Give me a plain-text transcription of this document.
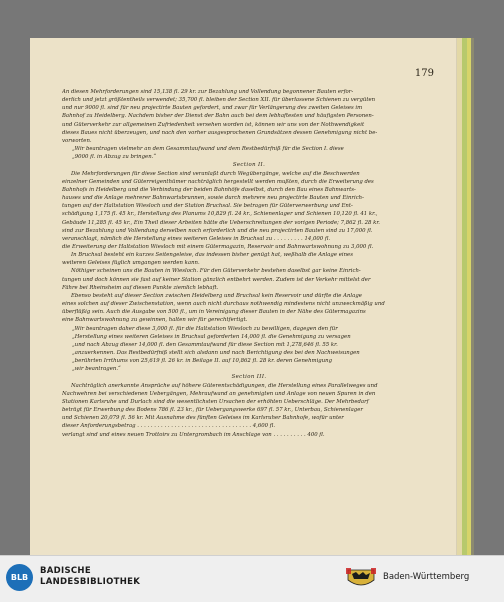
179
An diesen Mehrforderungen sind 15,138 fl. 29 kr. zur Bezahlung und Vollendung begonnener Bauten erfor-
derlich und jetzt größtentheils verwendet; 35,700 fl. bleiben der Section XII. für überlassene Schienen zu vergüten
und nur 9000 fl. sind für neu projectirte Bauten gefordert, und zwar für Verlängerung des zweiten Geleises im
Bahnhof zu Heidelberg. Nachdem bisher der Dienst der Bahn auch bei dem lebhaftesten und häufigsten Personen-
und Güterverkehr zur allgemeinen Zufriedenheit versehen worden ist, können wir uns von der Nothwendigkeit
dieses Baues nicht überzeugen, und nach den vorher ausgesprochenen Grundsätzen dessen Genehmigung nicht be-
vorworten.
„Wir beantragen vielmehr an dem Gesammtaufwand und dem Restbedürfniß für die Section I. diese
„9000 fl. in Abzug zu bringen.“
Section II.
Die Mehrforderungen für diese Section sind veranlaßt durch Wegübergänge, welche auf die Beschwerden
einzelner Gemeinden und Güterreigenthümer nachträglich hergestellt werden mußten, durch die Erweiterung des
Bahnhofs in Heidelberg und die Verbindung der beiden Bahnhöfe daselbst, durch den Bau eines Bahnwarts-
hauses und die Anlage mehrerer Bahnwartsbrunnen, sowie durch mehrere neu projectirte Bauten und Einrich-
tungen auf der Haltstation Wiesloch und der Station Bruchsal. Sie betragen für Güterverwerbung und Ent-
schädigung 1,175 fl. 45 kr., Herstellung des Planums 10,829 fl. 24 kr., Schienenlager und Schienen 10,120 fl. 41 kr.,
Gebäude 11,285 fl. 45 kr., Ein Theil dieser Arbeiten hätte die Ueberschreitungen der vorigen Periode; 7,862 fl. 28 kr.
sind zur Bezahlung und Vollendung derselben noch erforderlich und die neu projectirten Bauten sind zu 17,000 fl.
veranschlagt, nämlich die Herstellung eines weiteren Geleises in Bruchsal zu . . . . . . . . . 14,000 fl.
die Erweiterung der Haltstation Wiesloch mit einem Gütermagazin, Reservoir und Bahnwartswohnung zu 3,000 fl.
In Bruchsal besteht ein kurzes Seitengeleise, das indessen bisher genügt hat, weßhalb die Anlage eines
weiteren Geleises füglich umgangen werden kann.
Nöthiger scheinen uns die Bauten in Wiesloch. Für den Güterverkehr bestehen daselbst gar keine Einrich-
tungen und doch können sie fast auf keiner Station gänzlich entbehrt werden. Zudem ist der Verkehr mittelst der
Fähre bei Rheinsheim auf diesen Punkte ziemlich lebhaft.
Ebenso besteht auf dieser Section zwischen Heidelberg und Bruchsal kein Reservoir und dürfte die Anlage
eines solchen auf dieser Zwischenstation, wenn auch nicht durchaus nothwendig mindestens nicht unzweckmäßig und
überflüßig sein. Auch die Ausgabe von 500 fl., um in Vereinigung dieser Bauten in der Nähe des Gütermagazins
eine Bahnwartswohnung zu gewinnen, halten wir für gerechtfertigt.
„Wir beantragen daher diese 3,000 fl. für die Haltstation Wiesloch zu bewilligen, dagegen den für
„Herstellung eines weiteren Geleises in Bruchsal geforderten 14,000 fl. die Genehmigung zu versagen
„und nach Abzug dieser 14,000 fl. den Gesammtaufwand für diese Section mit 1,278,646 fl. 55 kr.
„anzuerkennen. Das Restbedürfniß stellt sich alsdann und nach Berichtigung des bei den Nachweisungen
„berührten Irrthums von 25,619 fl. 26 kr. in Beilage II. auf 10,862 fl. 28 kr. deren Genehmigung
„wir beantragen.“
Section III.
Nachträglich anerkannte Ansprüche auf höhere Güterentschädigungen, die Herstellung eines Parallelweges und
Nachwehren bei verschiedenen Uebergängen, Mehraufwand an genehmigten und Anlage von neuen Spuren in den
Stationen Karlsruhe und Durlach sind die wesentlichsten Ursachen der erhöhten Ueberschläge. Der Mehrbedarf
beträgt für Erwerbung des Bodens 786 fl. 23 kr., für Uebergangswerke 697 fl. 57 kr., Unterbau, Schienenlager
und Schienen 20,079 fl. 56 kr. Mit Ausnahme des fünften Geleises im Karlsruher Bahnhofe, wofür unter
dieser Anforderungsbetrag . . . . . . . . . . . . . . . . . . . . . . . . . . . . . . . . . . 4,600 fl.
verlangt sind und eines neuen Trottoirs zu Untergrombach im Anschlage von . . . . . . . . . . 400 fl.
BLB
BADISCHE
LANDESBIBLIOTHEK	Baden-Württemberg
